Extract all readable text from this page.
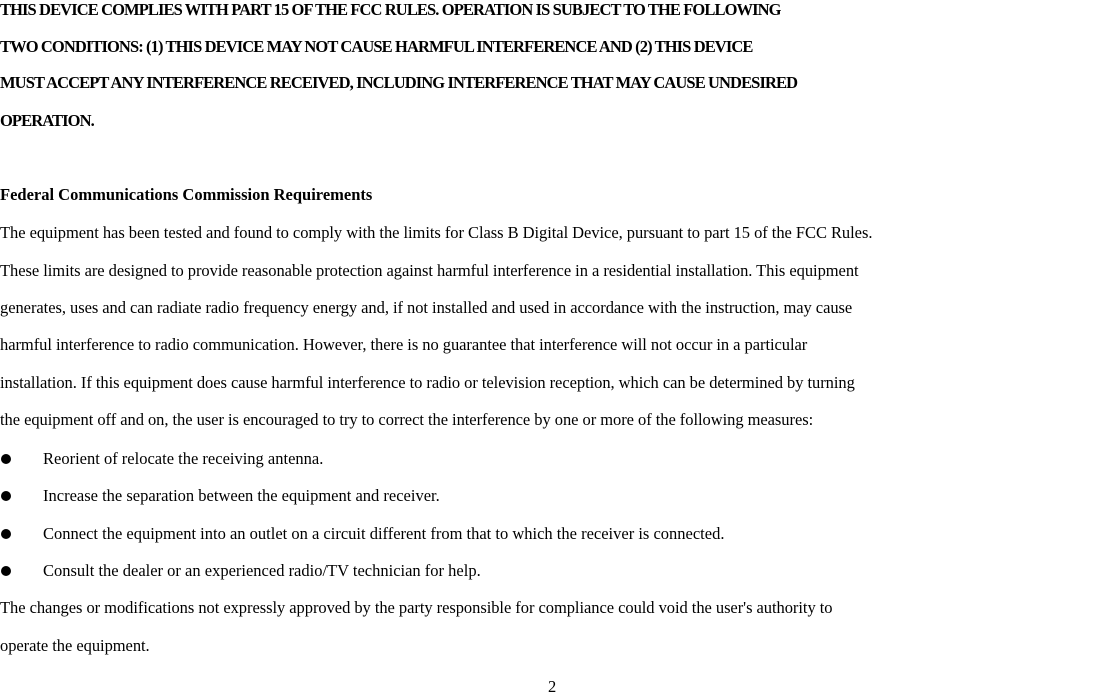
THIS DEVICE COMPLIES WITH PART 15 OF THE FCC RULES. OPERATION IS SUBJECT TO THE FOLLOWING
TWO CONDITIONS: (1) THIS DEVICE MAY NOT CAUSE HARMFUL INTERFERENCE AND (2) THIS DEVICE
MUST ACCEPT ANY INTERFERENCE RECEIVED, INCLUDING INTERFERENCE THAT MAY CAUSE UNDESIRED
OPERATION.
Federal Communications Commission Requirements
The equipment has been tested and found to comply with the limits for Class B Digital Device, pursuant to part 15 of the FCC Rules.
These limits are designed to provide reasonable protection against harmful interference in a residential installation. This equipment
generates, uses and can radiate radio frequency energy and, if not installed and used in accordance with the instruction, may cause
harmful interference to radio communication. However, there is no guarantee that interference will not occur in a particular
installation. If this equipment does cause harmful interference to radio or television reception, which can be determined by turning
the equipment off and on, the user is encouraged to try to correct the interference by one or more of the following measures:
Reorient of relocate the receiving antenna.
Increase the separation between the equipment and receiver.
Connect the equipment into an outlet on a circuit different from that to which the receiver is connected.
Consult the dealer or an experienced radio/TV technician for help.
The changes or modifications not expressly approved by the party responsible for compliance could void the user's authority to
operate the equipment.
2
